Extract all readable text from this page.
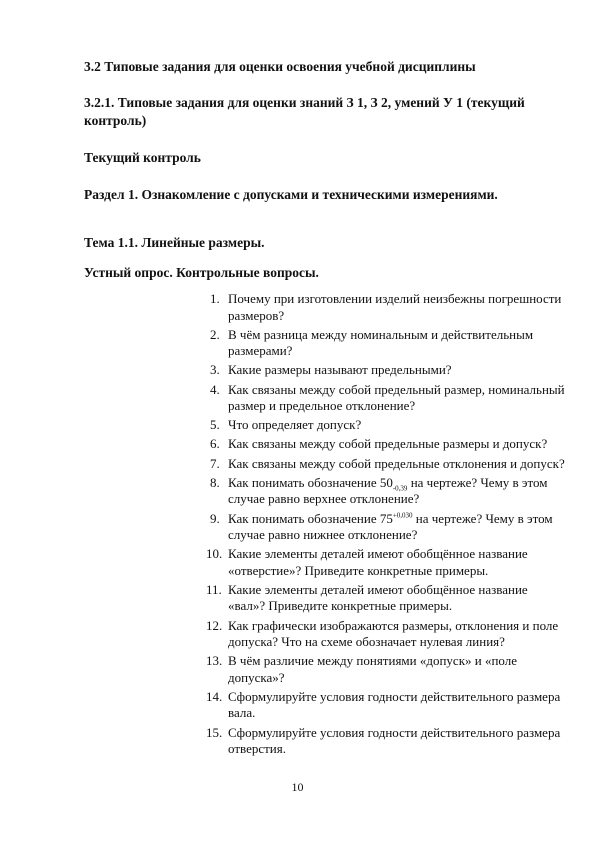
3.2 Типовые задания для оценки освоения учебной дисциплины
3.2.1. Типовые задания для оценки знаний З 1, З 2, умений У 1 (текущий контроль)
Текущий контроль
Раздел 1. Ознакомление с допусками и техническими измерениями.
Тема 1.1. Линейные размеры.
Устный опрос. Контрольные вопросы.
1. Почему при изготовлении изделий неизбежны погрешности размеров?
2. В чём разница между номинальным и действительным размерами?
3. Какие размеры называют предельными?
4. Как связаны между собой предельный размер, номинальный размер и предельное отклонение?
5. Что определяет допуск?
6. Как связаны между собой предельные размеры и допуск?
7. Как связаны между собой предельные отклонения и допуск?
8. Как понимать обозначение $50_{-0,39}$ на чертеже? Чему в этом случае равно верхнее отклонение?
9. Как понимать обозначение $75^{+0,030}$ на чертеже? Чему в этом случае равно нижнее отклонение?
10. Какие элементы деталей имеют обобщённое название «отверстие»? Приведите конкретные примеры.
11. Какие элементы деталей имеют обобщённое название «вал»? Приведите конкретные примеры.
12. Как графически изображаются размеры, отклонения и поле допуска? Что на схеме обозначает нулевая линия?
13. В чём различие между понятиями «допуск» и «поле допуска»?
14. Сформулируйте условия годности действительного размера вала.
15. Сформулируйте условия годности действительного размера отверстия.
10
